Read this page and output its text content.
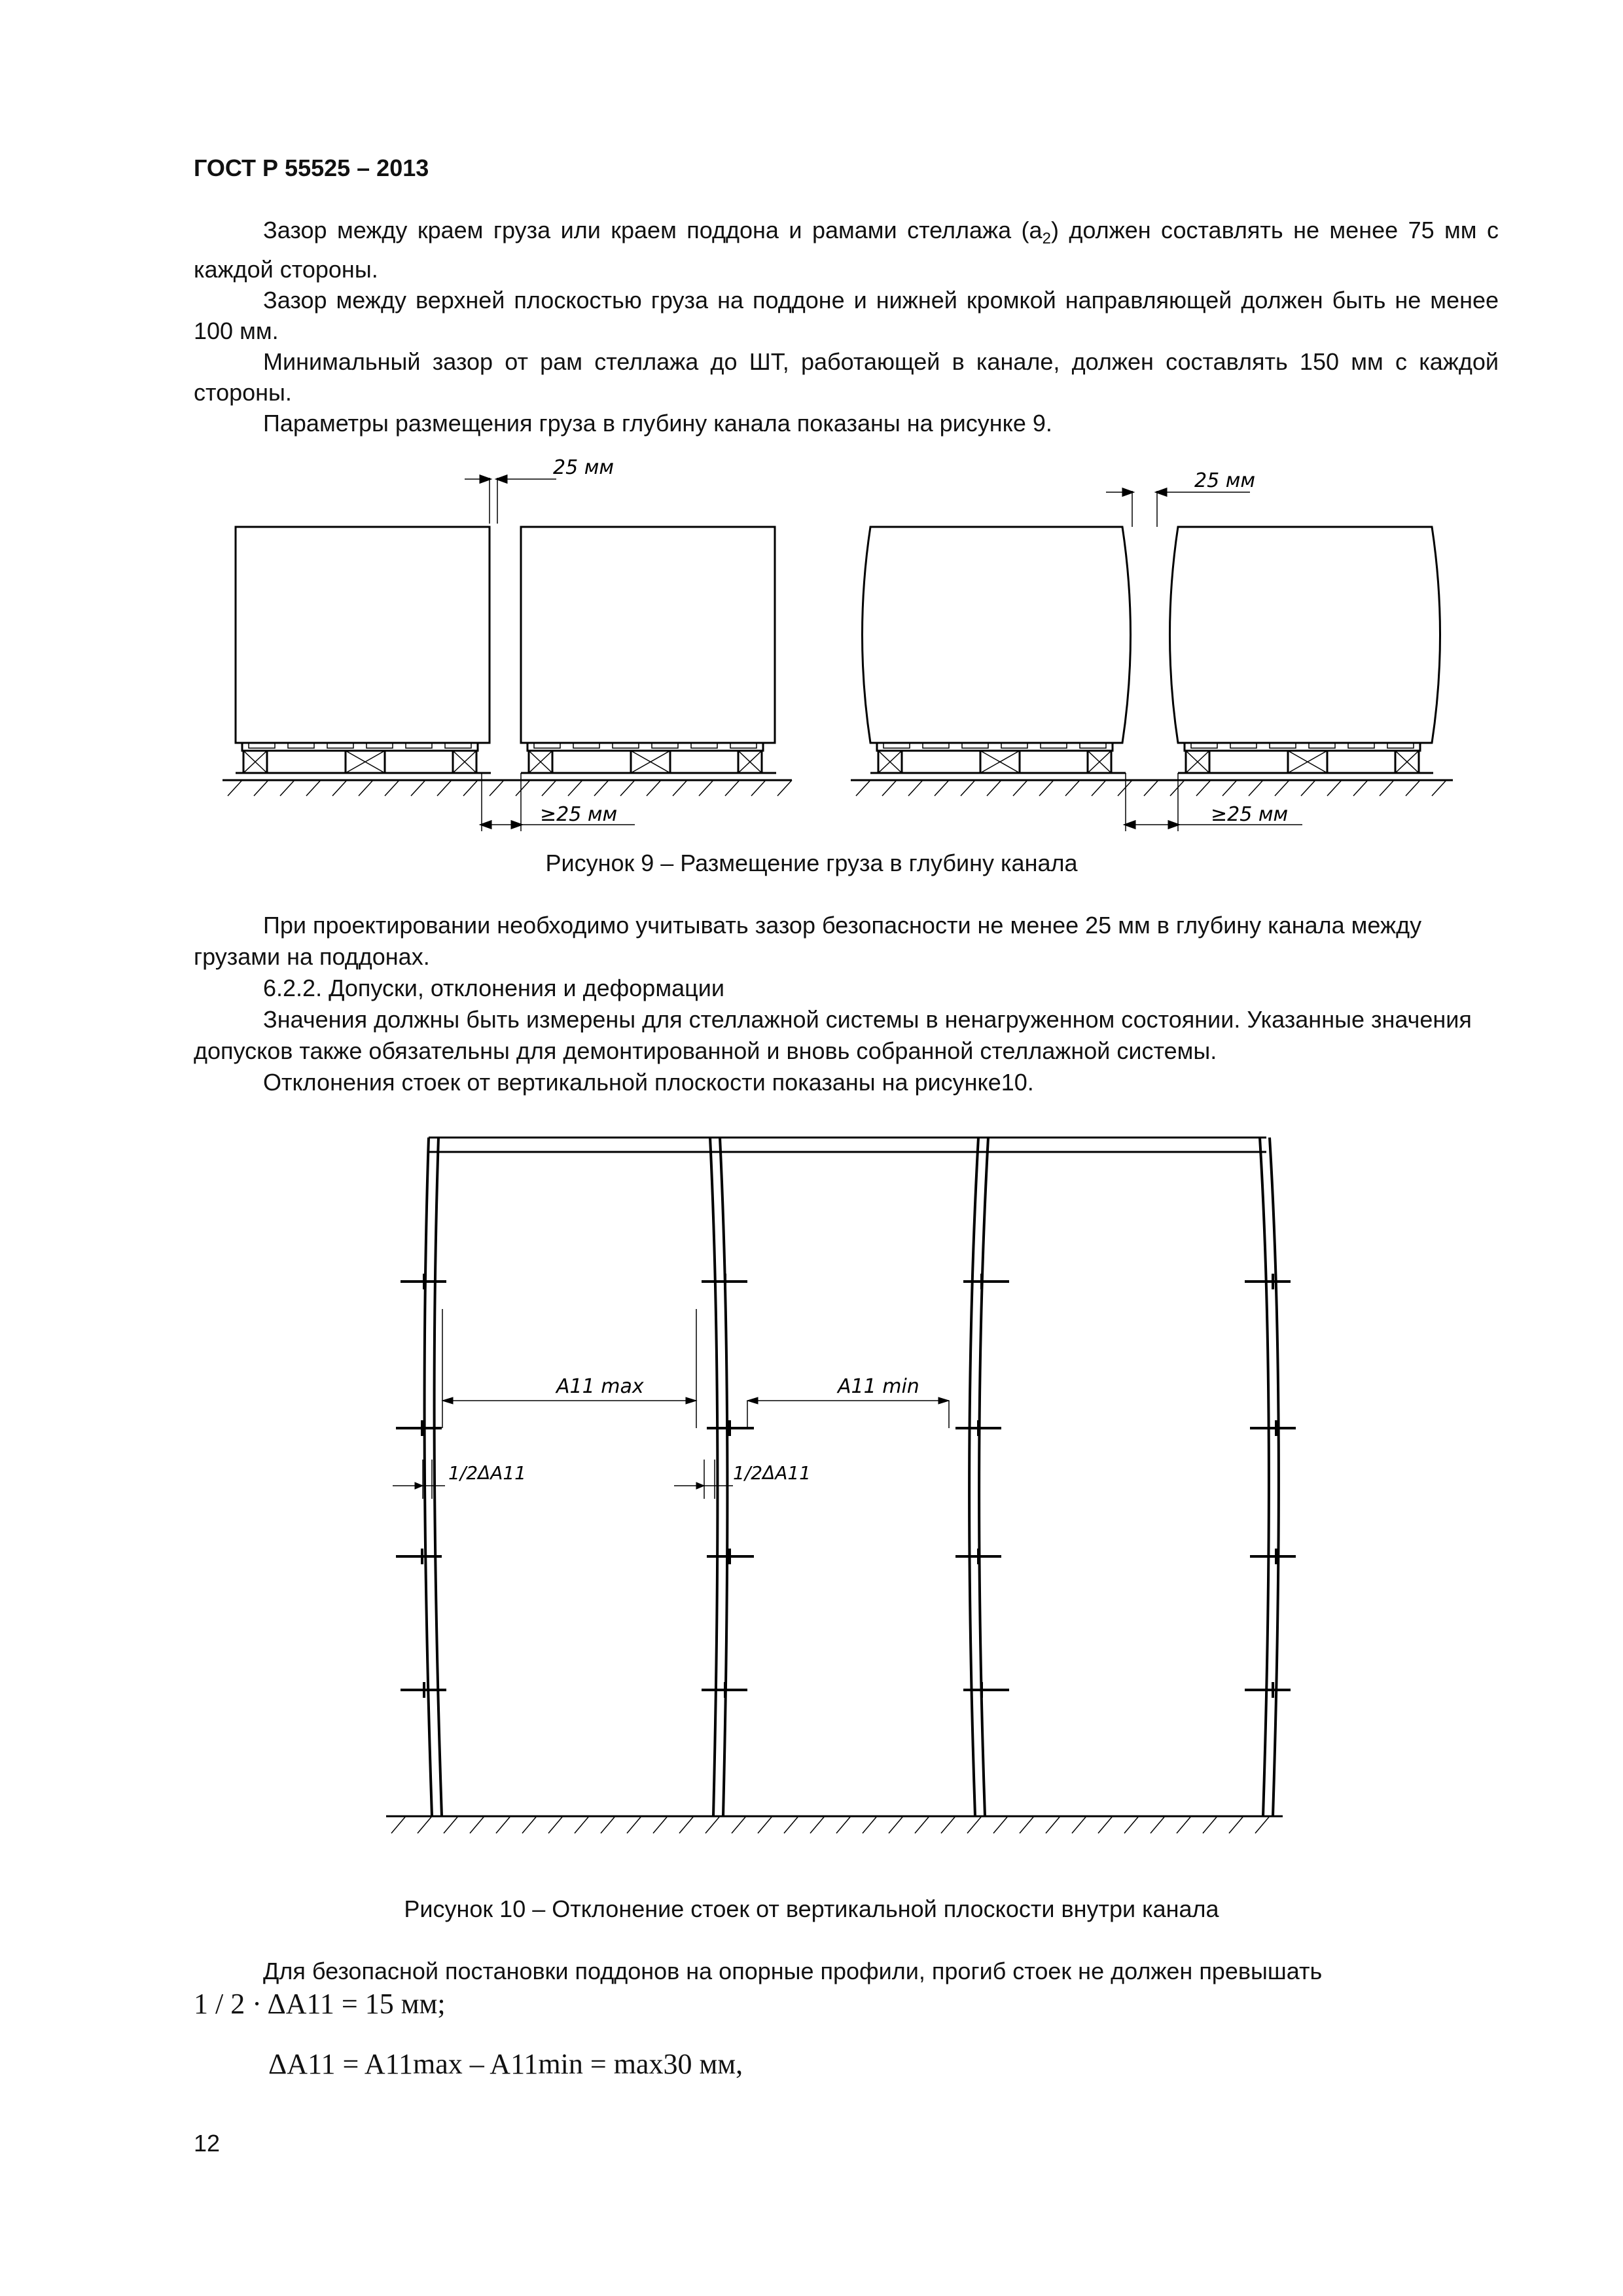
ГОСТ Р 55525 – 2013

Зазор между краем груза или краем поддона и рамами стеллажа $(a_2)$ должен составлять не менее 75 мм с каждой стороны.

Зазор между верхней плоскостью груза на поддоне и нижней кромкой направляющей должен быть не менее 100 мм.

Минимальный зазор от рам стеллажа до ШТ, работающей в канале, должен составлять 150 мм с каждой стороны.

Параметры размещения груза в глубину канала показаны на рисунке 9.

25 мм
≥25 мм
25 мм
≥25 мм
Рисунок 9 – Размещение груза в глубину канала

При проектировании необходимо учитывать зазор безопасности не менее 25 мм в глубину канала между грузами на поддонах.

6.2.2. Допуски, отклонения и деформации

Значения должны быть измерены для стеллажной системы в ненагруженном состоянии. Указанные значения допусков также обязательны для демонтированной и вновь собранной стеллажной системы.

Отклонения стоек от вертикальной плоскости показаны на рисунке10.

A11 max	A11 min
1/2ΔA11	1/2ΔA11
Рисунок 10 – Отклонение стоек от вертикальной плоскости внутри канала

Для безопасной постановки поддонов на опорные профили, прогиб стоек не должен превышать

1 / 2 · ΔA11 = 15 мм;
ΔA11 = A11max – A11min = max30 мм,
12
